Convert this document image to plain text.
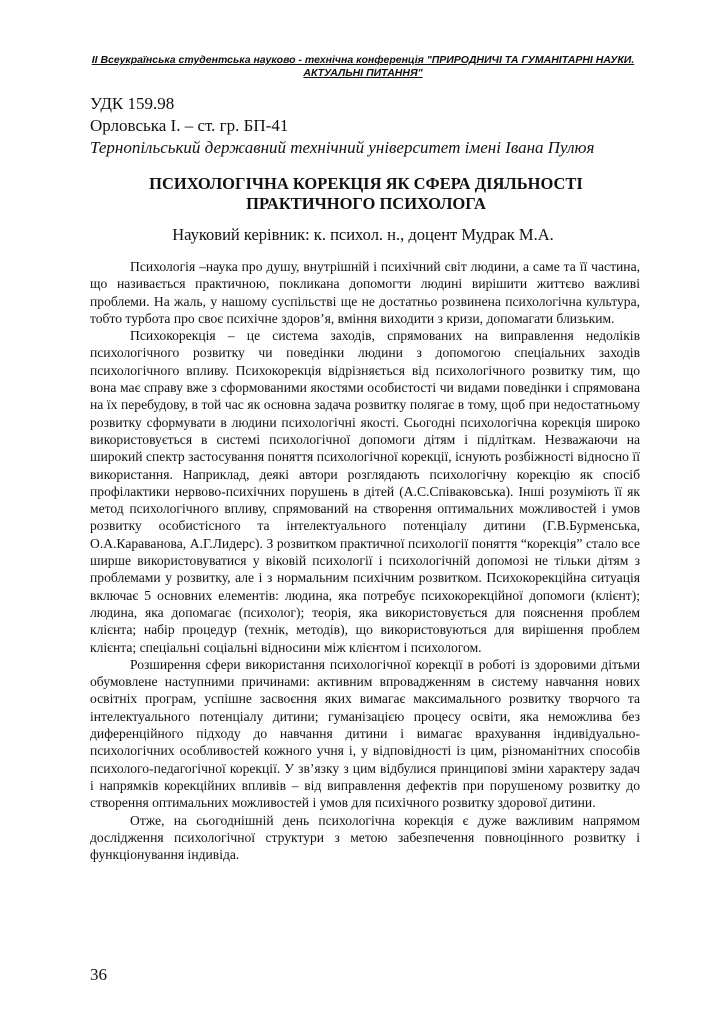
II Всеукраїнська студентська науково - технічна конференція "ПРИРОДНИЧІ ТА ГУМАНІТАРНІ НАУКИ.
АКТУАЛЬНІ ПИТАННЯ"
УДК 159.98
Орловська І. – ст. гр. БП-41
Тернопільський державний технічний університет імені Івана Пулюя
ПСИХОЛОГІЧНА КОРЕКЦІЯ ЯК СФЕРА ДІЯЛЬНОСТІ
ПРАКТИЧНОГО ПСИХОЛОГА
Науковий керівник: к. психол. н., доцент Мудрак М.А.

Психологія –наука про душу, внутрішній і психічний світ людини, а саме та її частина, що називається практичною, покликана допомогти людині вирішити життєво важливі проблеми. На жаль, у нашому суспільстві ще не достатньо розвинена психологічна культура, тобто турбота про своє психічне здоров’я, вміння виходити з кризи, допомагати близьким.

Психокорекція – це система заходів, спрямованих на виправлення недоліків психологічного розвитку чи поведінки людини з допомогою спеціальних заходів психологічного впливу. Психокорекція відрізняється від психологічного розвитку тим, що вона має справу вже з сформованими якостями особистості чи видами поведінки і спрямована на їх перебудову, в той час як основна задача розвитку полягає в тому, щоб при недостатньому розвитку сформувати в людини психологічні якості. Сьогодні психологічна корекція широко використовується в системі психологічної допомоги дітям і підліткам. Незважаючи на широкий спектр застосування поняття психологічної корекції, існують розбіжності відносно її використання. Наприклад, деякі автори розглядають психологічну корекцію як спосіб профілактики нервово-психічних порушень в дітей (А.С.Співаковська). Інші розуміють її як метод психологічного впливу, спрямований на створення оптимальних можливостей і умов розвитку особистісного та інтелектуального потенціалу дитини (Г.В.Бурменська, О.А.Караванова, А.Г.Лидерс). З розвитком практичної психології поняття “корекція” стало все ширше використовуватися у віковій психології і психологічній допомозі не тільки дітям з проблемами у розвитку, але і з нормальним психічним розвитком. Психокорекційна ситуація включає 5 основних елементів: людина, яка потребує психокорекційної допомоги (клієнт); людина, яка допомагає (психолог); теорія, яка використовується для пояснення проблем клієнта; набір процедур (технік, методів), що використовуються для вирішення проблем клієнта; спеціальні соціальні відносини між клієнтом і психологом.

Розширення сфери використання психологічної корекції в роботі із здоровими дітьми обумовлене наступними причинами: активним впровадженням в систему навчання нових освітніх програм, успішне засвоєння яких вимагає максимального розвитку творчого та інтелектуального потенціалу дитини; гуманізацією процесу освіти, яка неможлива без диференційного підходу до навчання дитини і вимагає врахування індивідуально-психологічних особливостей кожного учня і, у відповідності із цим, різноманітних способів психолого-педагогічної корекції. У зв’язку з цим відбулися принципові зміни характеру задач і напрямків корекційних впливів – від виправлення дефектів при порушеному розвитку до створення оптимальних можливостей і умов для психічного розвитку здорової дитини.

Отже, на сьогоднішній день психологічна корекція є дуже важливим напрямом дослідження психологічної структури з метою забезпечення повноцінного розвитку і функціонування індивіда.

36
